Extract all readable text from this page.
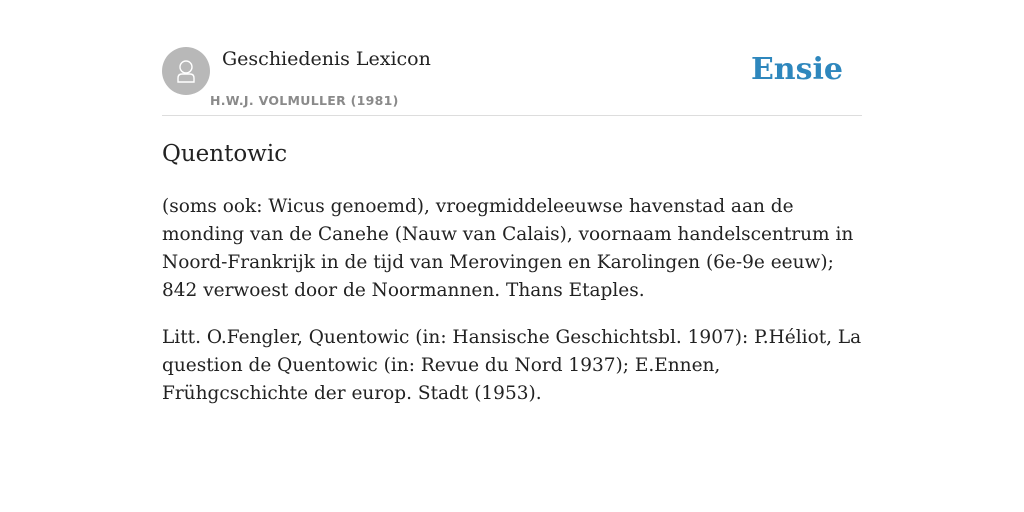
Geschiedenis Lexicon
H.W.J. VOLMULLER (1981)
Ensie
Quentowic

(soms ook: Wicus genoemd), vroegmiddeleeuwse havenstad aan de monding van de Canehe (Nauw van Calais), voornaam handelscentrum in Noord-Frankrijk in de tijd van Merovingen en Karolingen (6e-9e eeuw); 842 verwoest door de Noormannen. Thans Etaples.

Litt. O.Fengler, Quentowic (in: Hansische Geschichtsbl. 1907): P.Héliot, La question de Quentowic (in: Revue du Nord 1937); E.Ennen, Frühgcschichte der europ. Stadt (1953).
